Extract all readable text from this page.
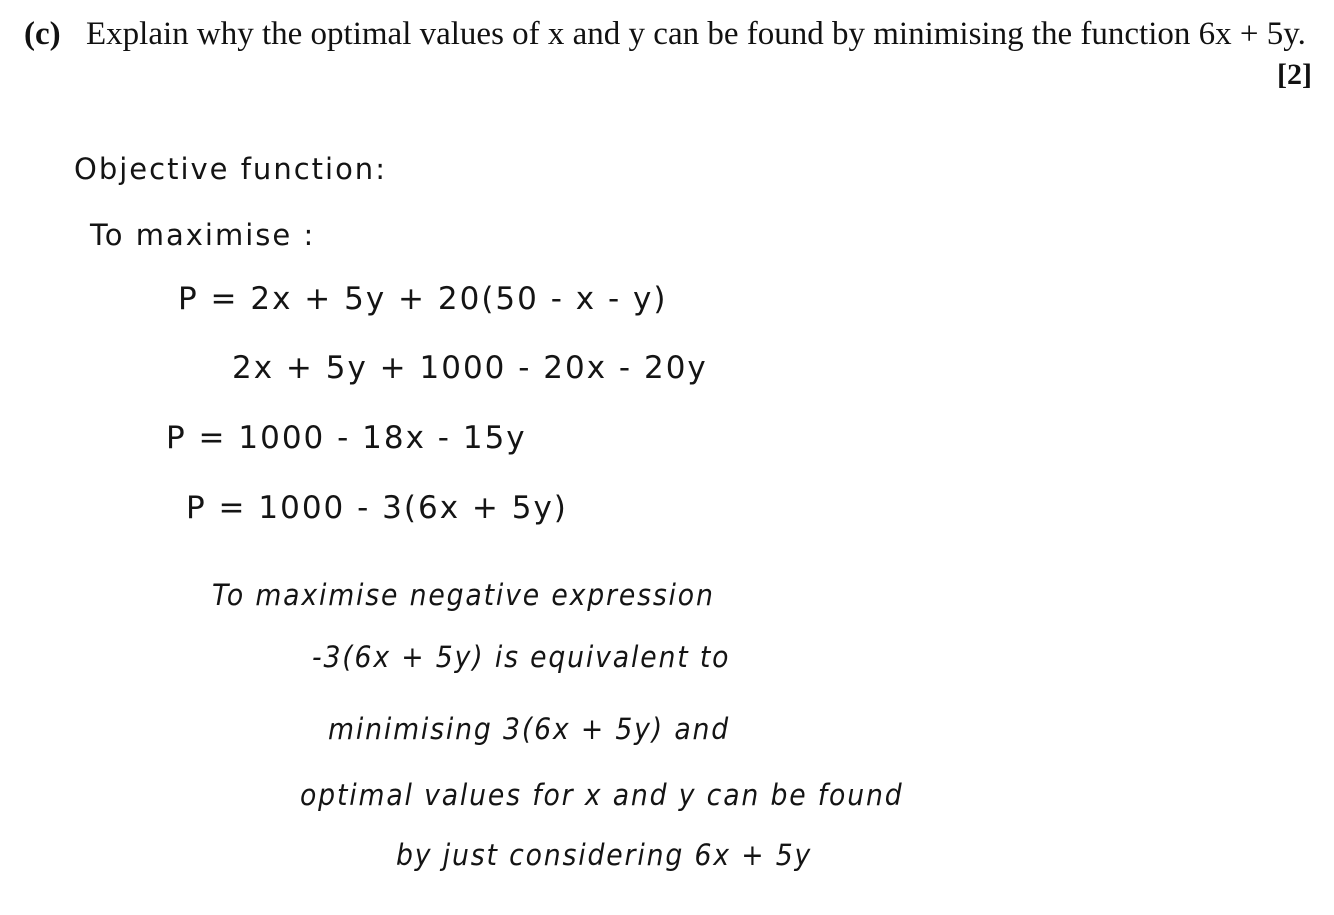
(c) Explain why the optimal values of x and y can be found by minimising the function 6x + 5y.
[2]
Objective function:
To maximise :
P = 2x + 5y + 20(50 - x - y)
2x + 5y + 1000 - 20x - 20y
P = 1000 - 18x - 15y
P = 1000 - 3(6x + 5y)
To maximise negative expression
-3(6x + 5y) is equivalent to
minimising 3(6x + 5y) and
optimal values for x and y can be found
by just considering 6x + 5y
